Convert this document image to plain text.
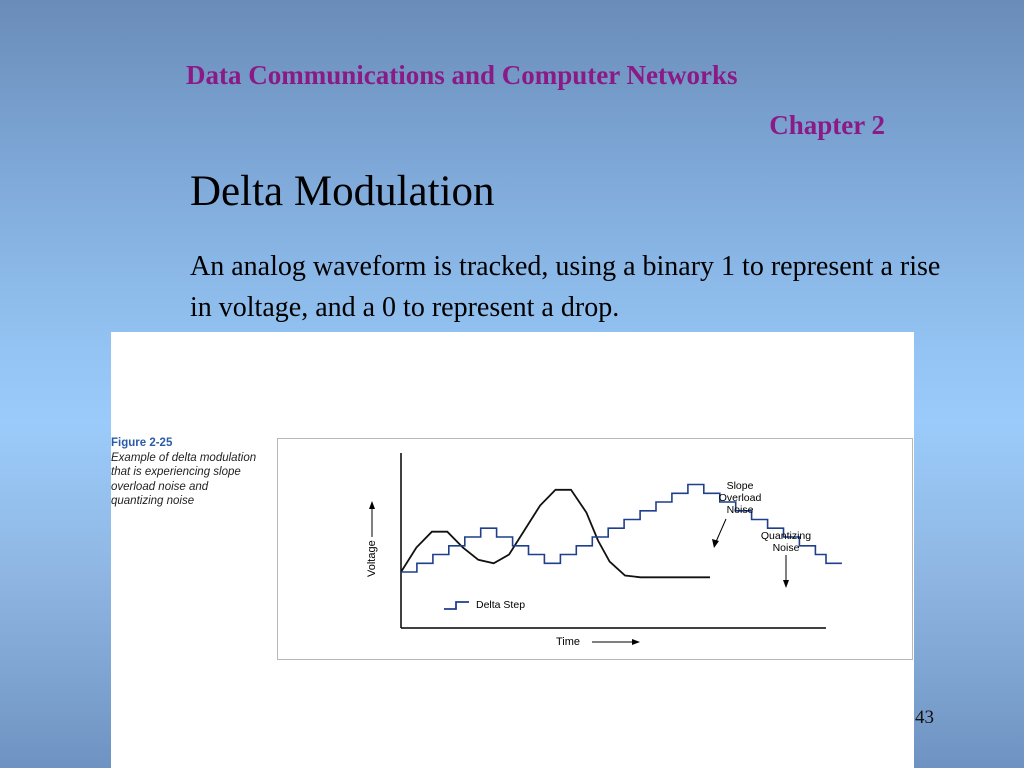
Data Communications and Computer Networks
Chapter 2
Delta Modulation
An analog waveform is tracked, using a binary 1 to represent a rise in voltage, and a 0 to represent a drop.
Figure 2-25
Example of delta modulation that is experiencing slope overload noise and quantizing noise
Voltage
Time
Delta Step
Slope
Overload
Noise
Quantizing
Noise
43
